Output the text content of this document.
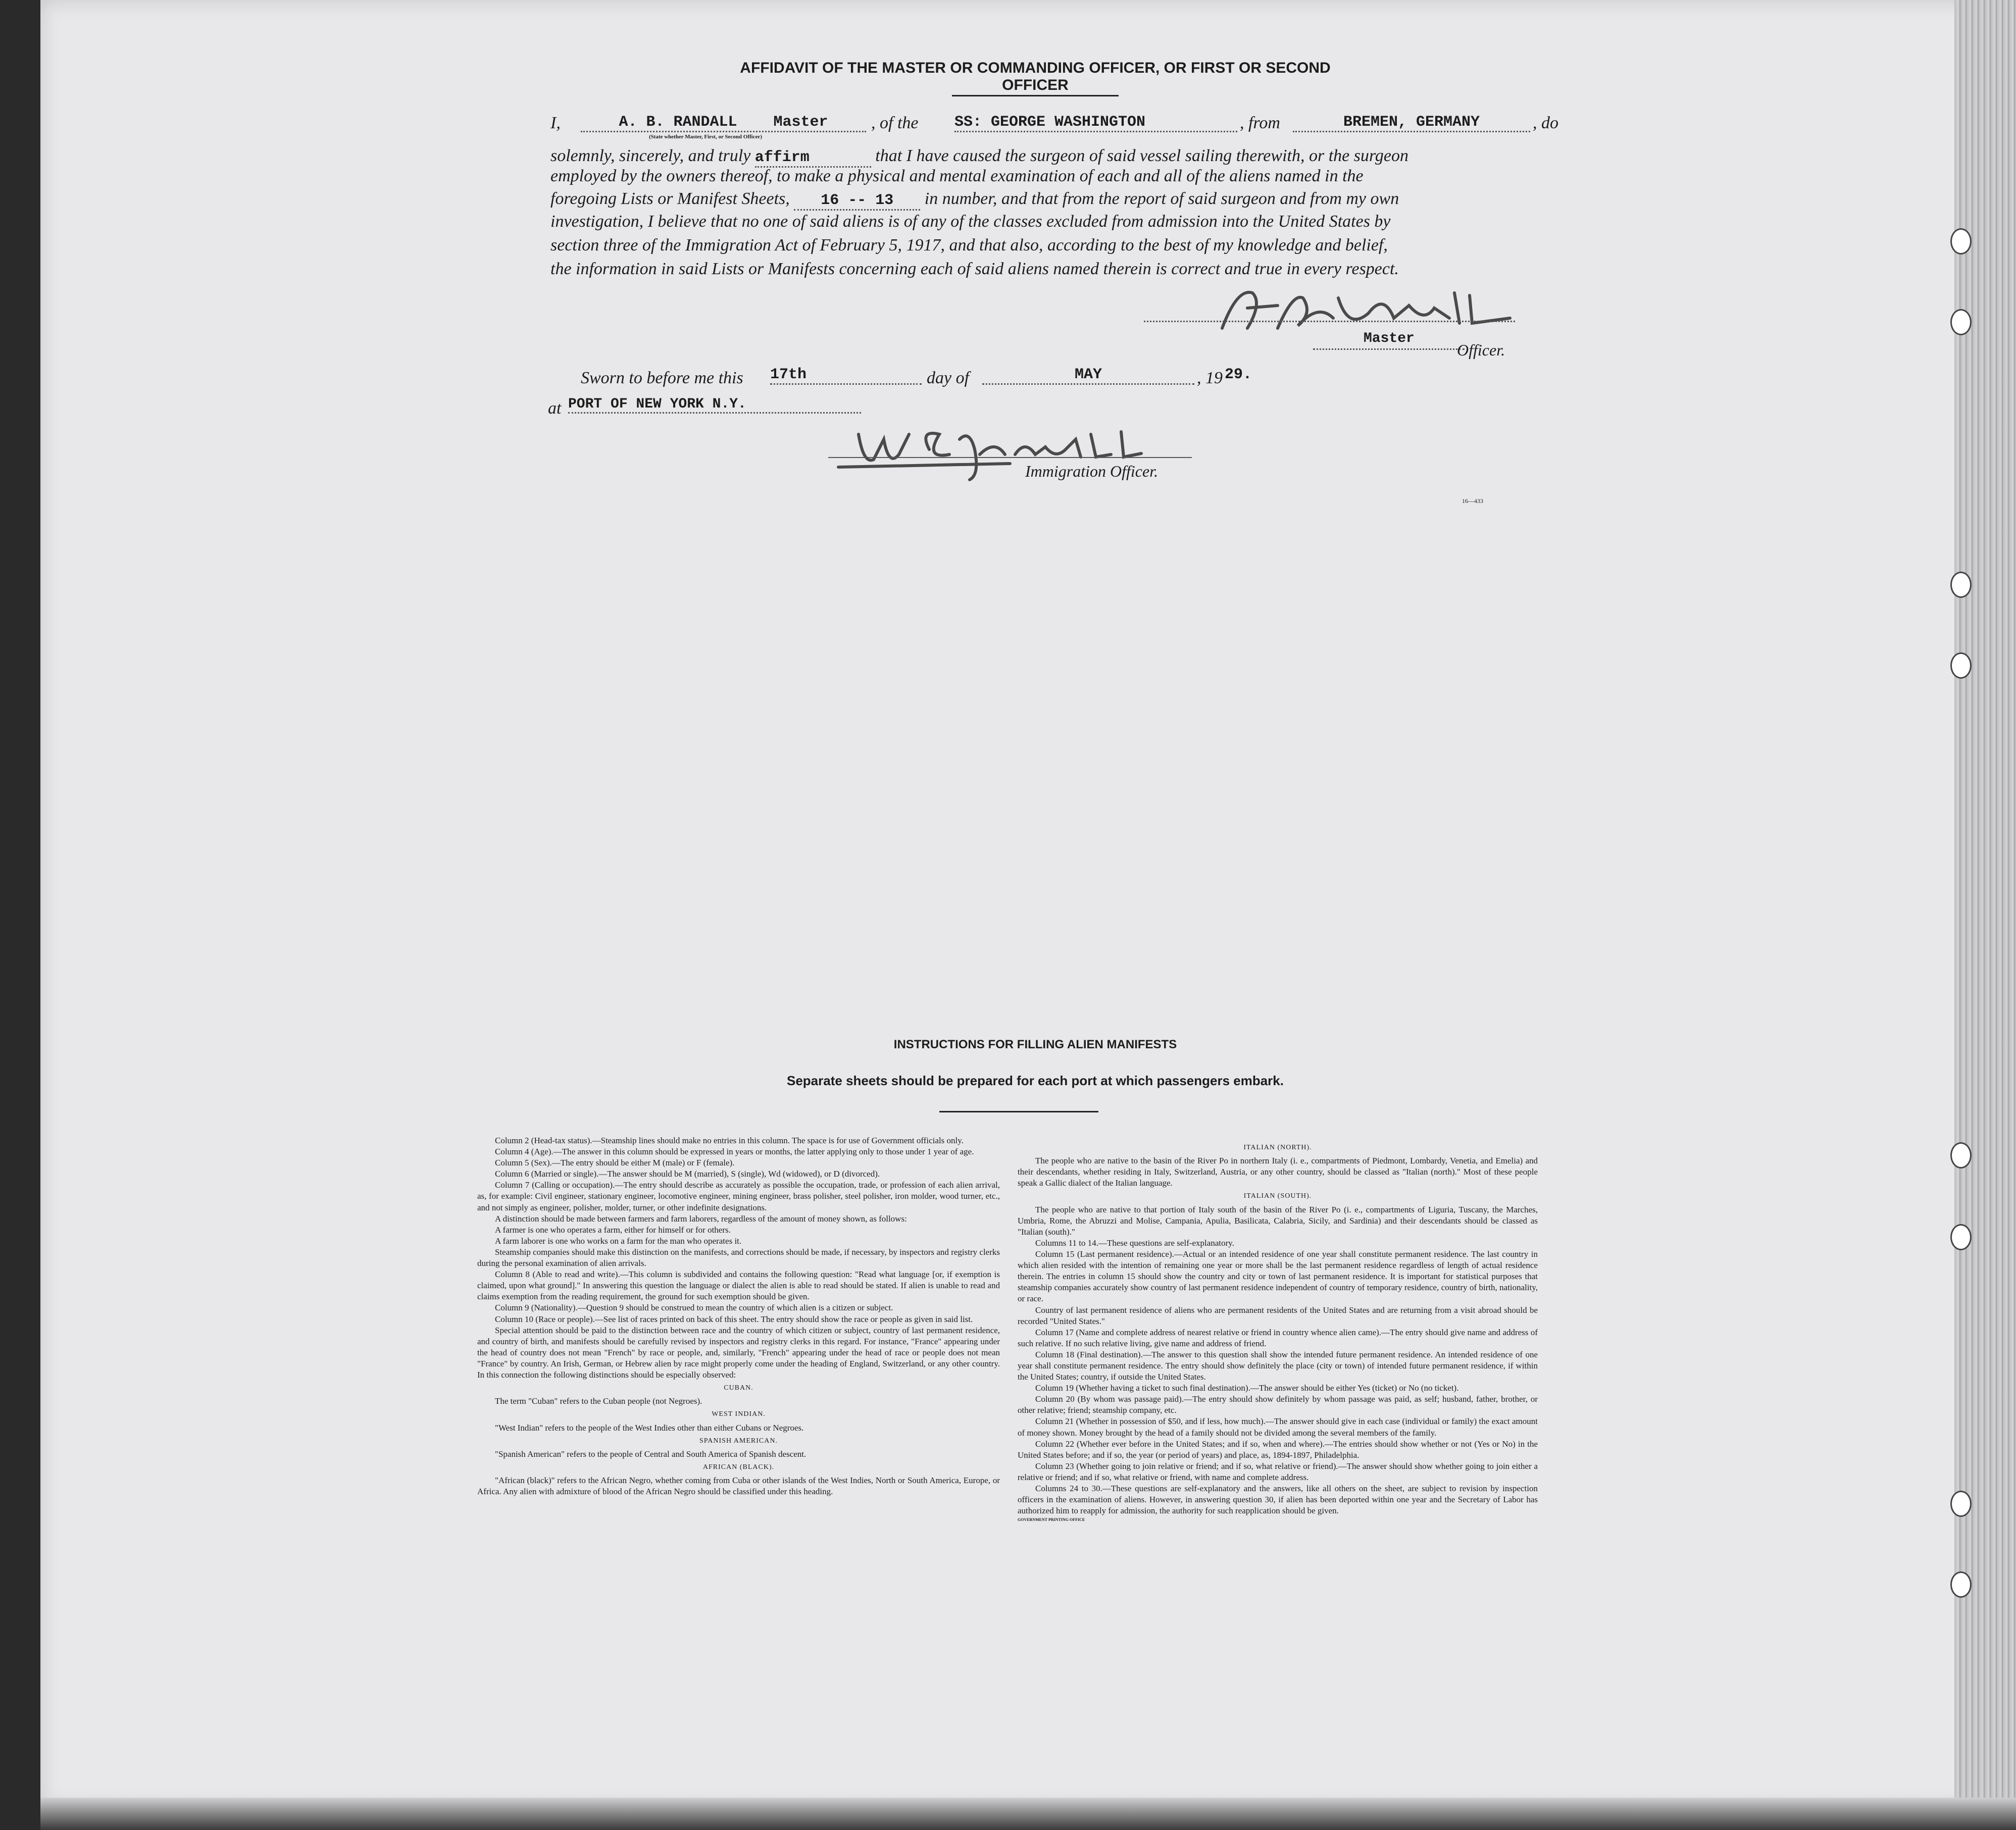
AFFIDAVIT OF THE MASTER OR COMMANDING OFFICER, OR FIRST OR SECOND OFFICER
I,	A. B. RANDALL Master
(State whether Master, First, or Second Officer)
, of the SS: GEORGE WASHINGTON	, from	BREMEN, GERMANY	, do
solemnly, sincerely, and truly affirm	that I have caused the surgeon of said vessel sailing therewith, or the surgeon
employed by the owners thereof, to make a physical and mental examination of each and all of the aliens named in the
foregoing Lists or Manifest Sheets, 16 -- 13 in number, and that from the report of said surgeon and from my own
investigation, I believe that no one of said aliens is of any of the classes excluded from admission into the United States by
section three of the Immigration Act of February 5, 1917, and that also, according to the best of my knowledge and belief,
the information in said Lists or Manifests concerning each of said aliens named therein is correct and true in every respect.
Master
Officer.
Sworn to before me this 17th	day of	MAY	, 19 29.
at PORT OF NEW YORK N.Y.
Immigration Officer.
16—433
INSTRUCTIONS FOR FILLING ALIEN MANIFESTS
Separate sheets should be prepared for each port at which passengers embark.

Column 2 (Head-tax status).—Steamship lines should make no entries in this column. The space is for use of Government officials only.

Column 4 (Age).—The answer in this column should be expressed in years or months, the latter applying only to those under 1 year of age.

Column 5 (Sex).—The entry should be either M (male) or F (female).

Column 6 (Married or single).—The answer should be M (married), S (single), Wd (widowed), or D (divorced).

Column 7 (Calling or occupation).—The entry should describe as accurately as possible the occupation, trade, or profession of each alien arrival, as, for example: Civil engineer, stationary engineer, locomotive engineer, mining engineer, brass polisher, steel polisher, iron molder, wood turner, etc., and not simply as engineer, polisher, molder, turner, or other indefinite designations.

A distinction should be made between farmers and farm laborers, regardless of the amount of money shown, as follows:

A farmer is one who operates a farm, either for himself or for others.

A farm laborer is one who works on a farm for the man who operates it.

Steamship companies should make this distinction on the manifests, and corrections should be made, if necessary, by inspectors and registry clerks during the personal examination of alien arrivals.

Column 8 (Able to read and write).—This column is subdivided and contains the following question: "Read what language [or, if exemption is claimed, upon what ground]." In answering this question the language or dialect the alien is able to read should be stated. If alien is unable to read and claims exemption from the reading requirement, the ground for such exemption should be given.

Column 9 (Nationality).—Question 9 should be construed to mean the country of which alien is a citizen or subject.

Column 10 (Race or people).—See list of races printed on back of this sheet. The entry should show the race or people as given in said list.

Special attention should be paid to the distinction between race and the country of which citizen or subject, country of last permanent residence, and country of birth, and manifests should be carefully revised by inspectors and registry clerks in this regard. For instance, "France" appearing under the head of country does not mean "French" by race or people, and, similarly, "French" appearing under the head of race or people does not mean "France" by country. An Irish, German, or Hebrew alien by race might properly come under the heading of England, Switzerland, or any other country. In this connection the following distinctions should be especially observed:

CUBAN.

The term "Cuban" refers to the Cuban people (not Negroes).

WEST INDIAN.

"West Indian" refers to the people of the West Indies other than either Cubans or Negroes.

SPANISH AMERICAN.

"Spanish American" refers to the people of Central and South America of Spanish descent.

AFRICAN (BLACK).

"African (black)" refers to the African Negro, whether coming from Cuba or other islands of the West Indies, North or South America, Europe, or Africa. Any alien with admixture of blood of the African Negro should be classified under this heading.

ITALIAN (NORTH).

The people who are native to the basin of the River Po in northern Italy (i. e., compartments of Piedmont, Lombardy, Venetia, and Emelia) and their descendants, whether residing in Italy, Switzerland, Austria, or any other country, should be classed as "Italian (north)." Most of these people speak a Gallic dialect of the Italian language.

ITALIAN (SOUTH).

The people who are native to that portion of Italy south of the basin of the River Po (i. e., compartments of Liguria, Tuscany, the Marches, Umbria, Rome, the Abruzzi and Molise, Campania, Apulia, Basilicata, Calabria, Sicily, and Sardinia) and their descendants should be classed as "Italian (south)."

Columns 11 to 14.—These questions are self-explanatory.

Column 15 (Last permanent residence).—Actual or an intended residence of one year shall constitute permanent residence. The last country in which alien resided with the intention of remaining one year or more shall be the last permanent residence regardless of length of actual residence therein. The entries in column 15 should show the country and city or town of last permanent residence. It is important for statistical purposes that steamship companies accurately show country of last permanent residence independent of country of temporary residence, country of birth, nationality, or race.

Country of last permanent residence of aliens who are permanent residents of the United States and are returning from a visit abroad should be recorded "United States."

Column 17 (Name and complete address of nearest relative or friend in country whence alien came).—The entry should give name and address of such relative. If no such relative living, give name and address of friend.

Column 18 (Final destination).—The answer to this question shall show the intended future permanent residence. An intended residence of one year shall constitute permanent residence. The entry should show definitely the place (city or town) of intended future permanent residence, if within the United States; country, if outside the United States.

Column 19 (Whether having a ticket to such final destination).—The answer should be either Yes (ticket) or No (no ticket).

Column 20 (By whom was passage paid).—The entry should show definitely by whom passage was paid, as self; husband, father, brother, or other relative; friend; steamship company, etc.

Column 21 (Whether in possession of $50, and if less, how much).—The answer should give in each case (individual or family) the exact amount of money shown. Money brought by the head of a family should not be divided among the several members of the family.

Column 22 (Whether ever before in the United States; and if so, when and where).—The entries should show whether or not (Yes or No) in the United States before; and if so, the year (or period of years) and place, as, 1894-1897, Philadelphia.

Column 23 (Whether going to join relative or friend; and if so, what relative or friend).—The answer should show whether going to join either a relative or friend; and if so, what relative or friend, with name and complete address.

Columns 24 to 30.—These questions are self-explanatory and the answers, like all others on the sheet, are subject to revision by inspection officers in the examination of aliens. However, in answering question 30, if alien has been deported within one year and the Secretary of Labor has authorized him to reapply for admission, the authority for such reapplication should be given.

GOVERNMENT PRINTING OFFICE
